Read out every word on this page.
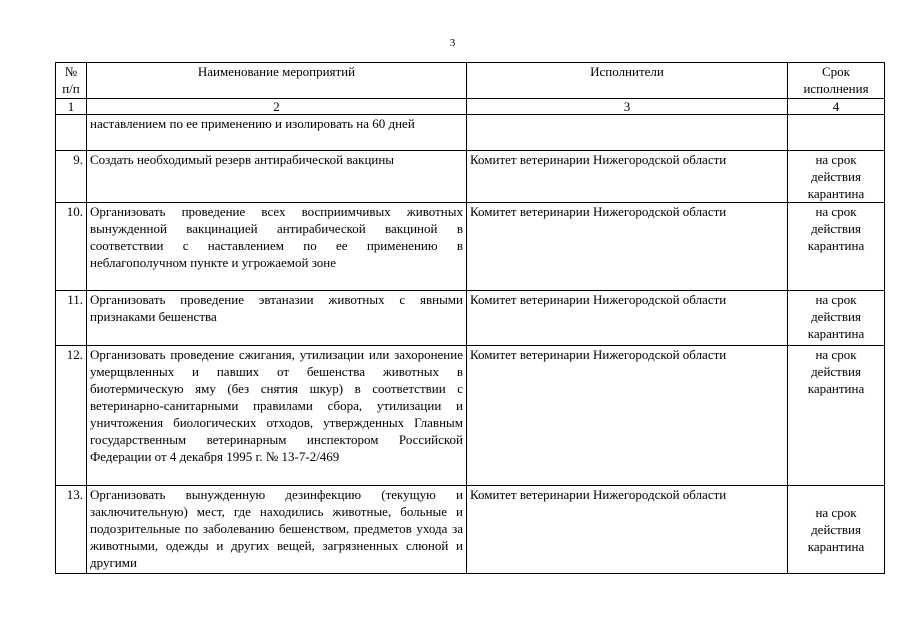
3
№ п/п	Наименование мероприятий	Исполнители	Срок исполнения
1	2	3	4

	наставлением по ее применению и изолировать на 60 дней		

9.	Создать необходимый резерв антирабической вакцины	Комитет ветеринарии Нижегородской области	на срок действия карантина
10.	Организовать проведение всех восприимчивых животных вынужденной вакцинацией антирабической вакциной в соответствии с наставлением по ее применению в неблагополучном пункте и угрожаемой зоне	Комитет ветеринарии Нижегородской области	на срок действия карантина
11.	Организовать проведение эвтаназии животных с явными признаками бешенства	Комитет ветеринарии Нижегородской области	на срок действия карантина
12.	Организовать проведение сжигания, утилизации или захоронение умерщвленных и павших от бешенства животных в биотермическую яму (без снятия шкур) в соответствии с ветеринарно-санитарными правилами сбора, утилизации и уничтожения биологических отходов, утвержденных Главным государственным ветеринарным инспектором Российской Федерации от 4 декабря 1995 г. № 13-7-2/469	Комитет ветеринарии Нижегородской области	на срок действия карантина
13.	Организовать вынужденную дезинфекцию (текущую и заключительную) мест, где находились животные, больные и подозрительные по заболеванию бешенством, предметов ухода за животными, одежды и других вещей, загрязненных слюной и другими	Комитет ветеринарии Нижегородской области	на срок действия карантина
